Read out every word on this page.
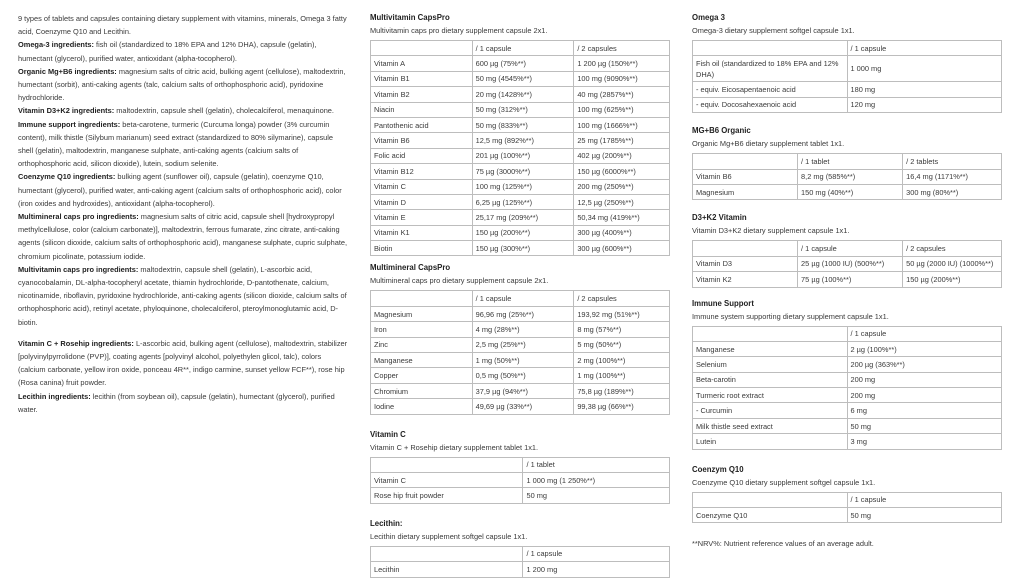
9 types of tablets and capsules containing dietary supplement with vitamins, minerals, Omega 3 fatty acid, Coenzyme Q10 and Lecithin.

Omega-3 ingredients: fish oil (standardized to 18% EPA and 12% DHA), capsule (gelatin), humectant (glycerol), purified water, antioxidant (alpha-tocopherol).

Organic Mg+B6 ingredients: magnesium salts of citric acid, bulking agent (cellulose), maltodextrin, humectant (sorbit), anti-caking agents (talc, calcium salts of orthophosphoric acid), pyridoxine hydrochloride.

Vitamin D3+K2 ingredients: maltodextrin, capsule shell (gelatin), cholecalciferol, menaquinone.

Immune support ingredients: beta-carotene, turmeric (Curcuma longa) powder (3% curcumin content), milk thistle (Silybum marianum) seed extract (standardized to 80% silymarine), capsule shell (gelatin), maltodextrin, manganese sulphate, anti-caking agents (calcium salts of orthophosphoric acid, silicon dioxide), lutein, sodium selenite.

Coenzyme Q10 ingredients: bulking agent (sunflower oil), capsule (gelatin), coenzyme Q10, humectant (glycerol), purified water, anti-caking agent (calcium salts of orthophosphoric acid), color (iron oxides and hydroxides), antioxidant (alpha-tocopherol).

Multimineral caps pro ingredients: magnesium salts of citric acid, capsule shell [hydroxypropyl methylcellulose, color (calcium carbonate)], maltodextrin, ferrous fumarate, zinc citrate, anti-caking agents (silicon dioxide, calcium salts of orthophosphoric acid), manganese sulphate, cupric sulphate, chromium picolinate, potassium iodide.

Multivitamin caps pro ingredients: maltodextrin, capsule shell (gelatin), L-ascorbic acid, cyanocobalamin, DL-alpha-tocopheryl acetate, thiamin hydrochloride, D-pantothenate, calcium, nicotinamide, riboflavin, pyridoxine hydrochloride, anti-caking agents (silicon dioxide, calcium salts of orthophosphoric acid), retinyl acetate, phyloquinone, cholecalciferol, pteroylmonoglutamic acid, D-biotin.

Vitamin C + Rosehip ingredients: L-ascorbic acid, bulking agent (cellulose), maltodextrin, stabilizer [polyvinylpyrrolidone (PVP)], coating agents [polyvinyl alcohol, polyethylen glicol, talc), colors (calcium carbonate, yellow iron oxide, ponceau 4R**, indigo carmine, sunset yellow FCF**), rose hip (Rosa canina) fruit powder.

Lecithin ingredients: lecithin (from soybean oil), capsule (gelatin), humectant (glycerol), purified water.

Multivitamin CapsPro
Multivitamin caps pro dietary supplement capsule 2x1.
	/ 1 capsule	/ 2 capsules
Vitamin A	600 µg (75%**)	1 200 µg (150%**)
Vitamin B1	50 mg (4545%**)	100 mg (9090%**)
Vitamin B2	20 mg (1428%**)	40 mg (2857%**)
Niacin	50 mg (312%**)	100 mg (625%**)
Pantothenic acid	50 mg (833%**)	100 mg (1666%**)
Vitamin B6	12,5 mg (892%**)	25 mg (1785%**)
Folic acid	201 µg (100%**)	402 µg (200%**)
Vitamin B12	75 µg (3000%**)	150 µg (6000%**)
Vitamin C	100 mg (125%**)	200 mg (250%**)
Vitamin D	6,25 µg (125%**)	12,5 µg (250%**)
Vitamin E	25,17 mg (209%**)	50,34 mg (419%**)
Vitamin K1	150 µg (200%**)	300 µg (400%**)
Biotin	150 µg (300%**)	300 µg (600%**)
Multimineral CapsPro
Multimineral caps pro dietary supplement capsule 2x1.
	/ 1 capsule	/ 2 capsules
Magnesium	96,96 mg (25%**)	193,92 mg (51%**)
Iron	4 mg (28%**)	8 mg (57%**)
Zinc	2,5 mg (25%**)	5 mg (50%**)
Manganese	1 mg (50%**)	2 mg (100%**)
Copper	0,5 mg (50%**)	1 mg (100%**)
Chromium	37,9 µg (94%**)	75,8 µg (189%**)
Iodine	49,69 µg (33%**)	99,38 µg (66%**)
Vitamin C
Vitamin C + Rosehip dietary supplement tablet 1x1.
	/ 1 tablet
Vitamin C	1 000 mg (1 250%**)
Rose hip fruit powder	50 mg
Lecithin:
Lecithin dietary supplement softgel capsule 1x1.
	/ 1 capsule
Lecithin	1 200 mg
Omega 3
Omega-3 dietary supplement softgel capsule 1x1.
	/ 1 capsule
Fish oil (standardized to 18% EPA and 12% DHA)	1 000 mg
- equiv. Eicosapentaenoic acid	180 mg
- equiv. Docosahexaenoic acid	120 mg
MG+B6 Organic
Organic Mg+B6 dietary supplement tablet 1x1.
	/ 1 tablet	/ 2 tablets
Vitamin B6	8,2 mg (585%**)	16,4 mg (1171%**)
Magnesium	150 mg (40%**)	300 mg (80%**)
D3+K2 Vitamin
Vitamin D3+K2 dietary supplement capsule 1x1.
	/ 1 capsule	/ 2 capsules
Vitamin D3	25 µg (1000 IU) (500%**)	50 µg (2000 IU) (1000%**)
Vitamin K2	75 µg (100%**)	150 µg (200%**)
Immune Support
Immune system supporting dietary supplement capsule 1x1.
	/ 1 capsule
Manganese	2 µg (100%**)
Selenium	200 µg (363%**)
Beta-carotin	200 mg
Turmeric root extract	200 mg
- Curcumin	6 mg
Milk thistle seed extract	50 mg
Lutein	3 mg
Coenzym Q10
Coenzyme Q10 dietary supplement softgel capsule 1x1.
	/ 1 capsule
Coenzyme Q10	50 mg
**NRV%: Nutrient reference values of an average adult.
